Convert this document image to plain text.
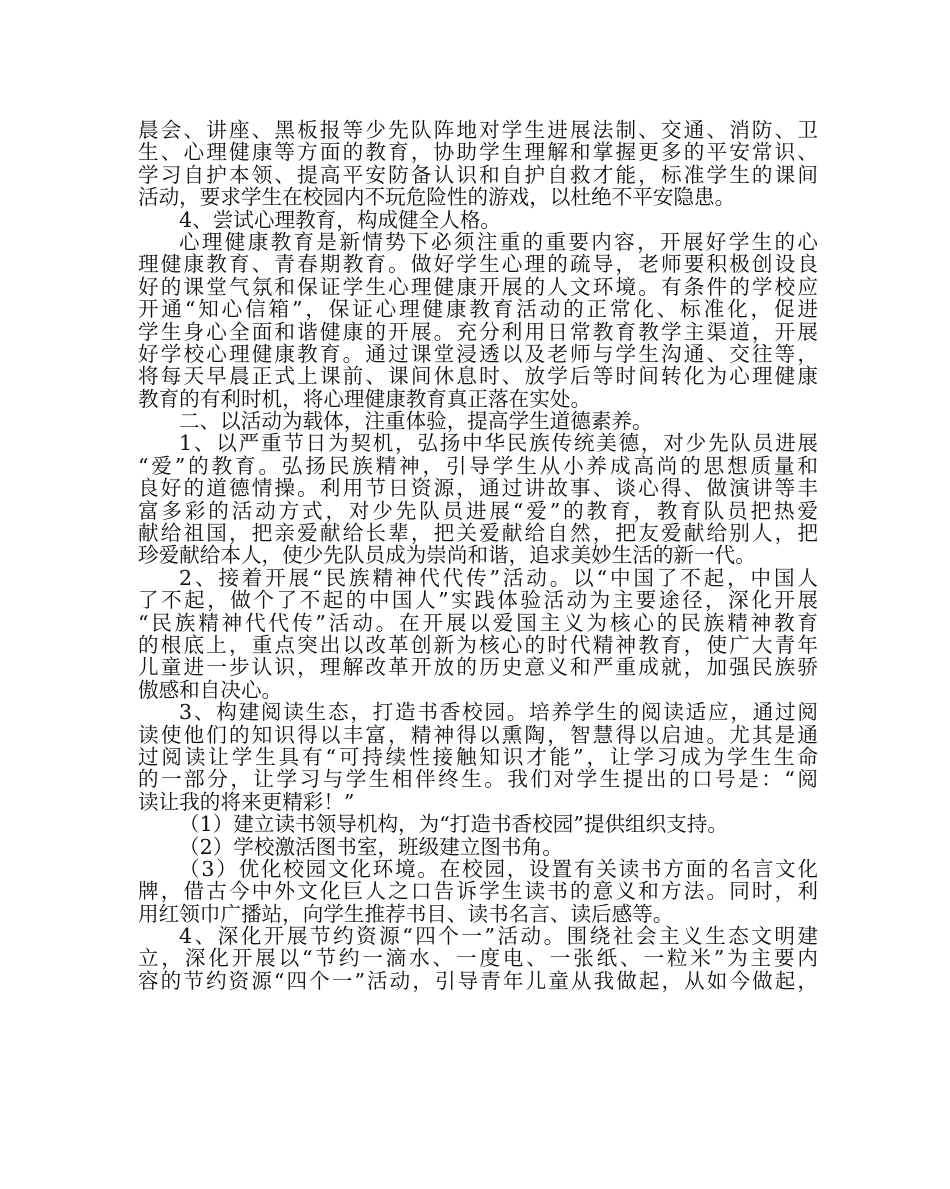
晨会、讲座、黑板报等少先队阵地对学生进展法制、交通、消防、卫
生、心理健康等方面的教育，协助学生理解和掌握更多的平安常识、
学习自护本领、提高平安防备认识和自护自救才能，标准学生的课间
活动，要求学生在校园内不玩危险性的游戏，以杜绝不平安隐患。
4、尝试心理教育，构成健全人格。
心理健康教育是新情势下必须注重的重要内容，开展好学生的心
理健康教育、青春期教育。做好学生心理的疏导，老师要积极创设良
好的课堂气氛和保证学生心理健康开展的人文环境。有条件的学校应
开通“知心信箱”，保证心理健康教育活动的正常化、标准化，促进
学生身心全面和谐健康的开展。充分利用日常教育教学主渠道，开展
好学校心理健康教育。通过课堂浸透以及老师与学生沟通、交往等，
将每天早晨正式上课前、课间休息时、放学后等时间转化为心理健康
教育的有利时机，将心理健康教育真正落在实处。
二、以活动为载体，注重体验，提高学生道德素养。
1、以严重节日为契机，弘扬中华民族传统美德，对少先队员进展
“爱”的教育。弘扬民族精神，引导学生从小养成高尚的思想质量和
良好的道德情操。利用节日资源，通过讲故事、谈心得、做演讲等丰
富多彩的活动方式，对少先队员进展“爱”的教育，教育队员把热爱
献给祖国，把亲爱献给长辈，把关爱献给自然，把友爱献给别人，把
珍爱献给本人，使少先队员成为崇尚和谐，追求美妙生活的新一代。
2、接着开展“民族精神代代传”活动。以“中国了不起，中国人
了不起，做个了不起的中国人”实践体验活动为主要途径，深化开展
“民族精神代代传”活动。在开展以爱国主义为核心的民族精神教育
的根底上，重点突出以改革创新为核心的时代精神教育，使广大青年
儿童进一步认识，理解改革开放的历史意义和严重成就，加强民族骄
傲感和自决心。
3、构建阅读生态，打造书香校园。培养学生的阅读适应，通过阅
读使他们的知识得以丰富，精神得以熏陶，智慧得以启迪。尤其是通
过阅读让学生具有“可持续性接触知识才能”，让学习成为学生生命
的一部分，让学习与学生相伴终生。我们对学生提出的口号是：“阅
读让我的将来更精彩！”
（1）建立读书领导机构，为“打造书香校园”提供组织支持。
（2）学校激活图书室，班级建立图书角。
（3）优化校园文化环境。在校园，设置有关读书方面的名言文化
牌，借古今中外文化巨人之口告诉学生读书的意义和方法。同时，利
用红领巾广播站，向学生推荐书目、读书名言、读后感等。
4、深化开展节约资源“四个一”活动。围绕社会主义生态文明建
立，深化开展以“节约一滴水、一度电、一张纸、一粒米”为主要内
容的节约资源“四个一”活动，引导青年儿童从我做起，从如今做起，
